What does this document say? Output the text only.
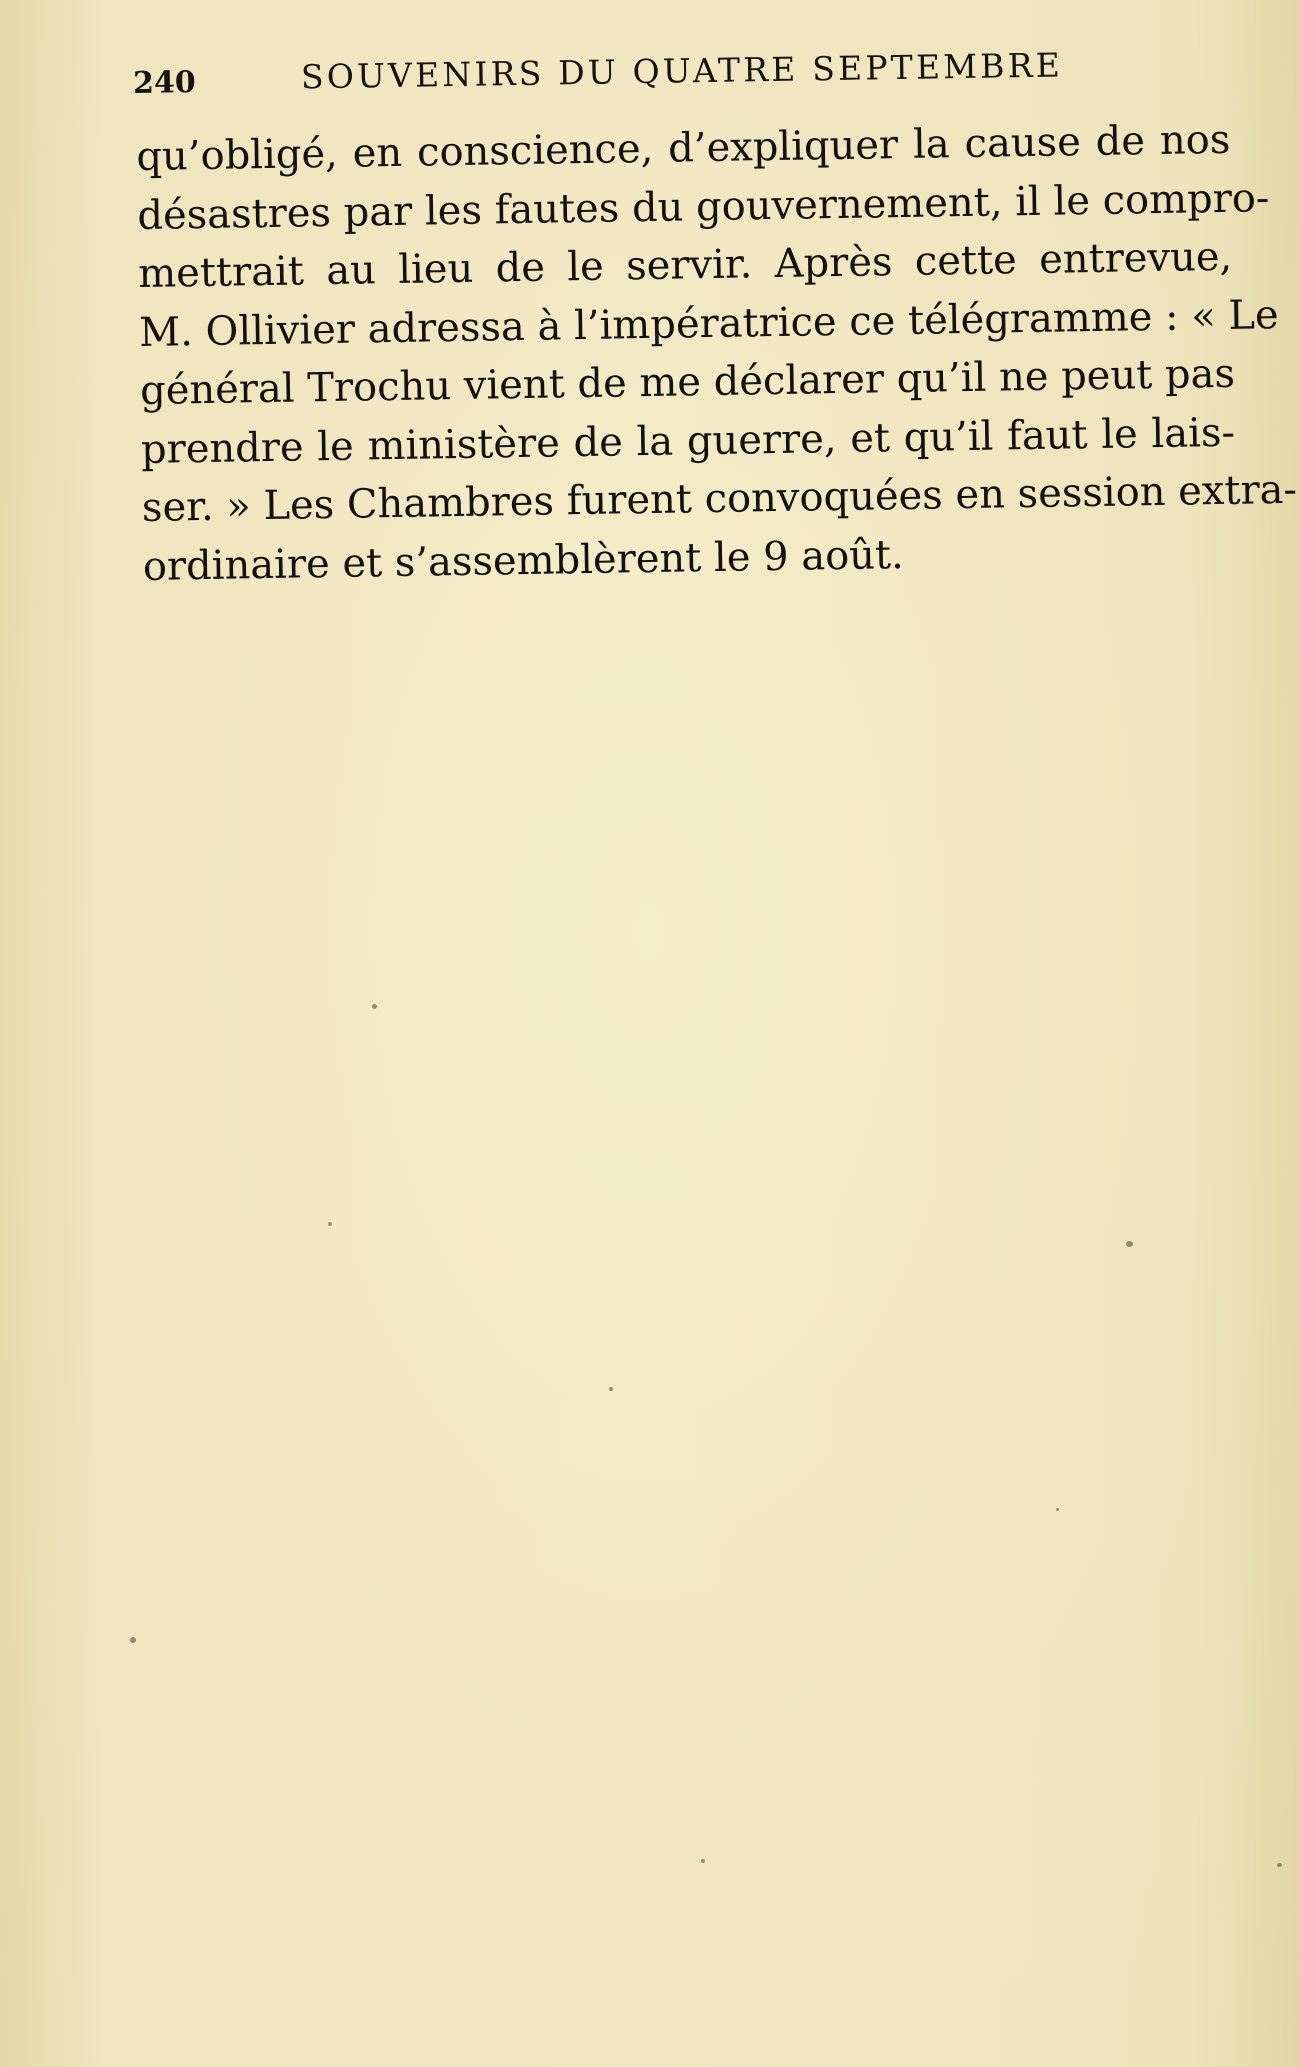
240	SOUVENIRS DU QUATRE SEPTEMBRE
qu’obligé, en conscience, d’expliquer la cause de nos
désastres par les fautes du gouvernement, il le compro-
mettrait au lieu de le servir. Après cette entrevue,
M. Ollivier adressa à l’impératrice ce télégramme : « Le
général Trochu vient de me déclarer qu’il ne peut pas
prendre le ministère de la guerre, et qu’il faut le lais-
ser. » Les Chambres furent convoquées en session extra-
ordinaire et s’assemblèrent le 9 août.
